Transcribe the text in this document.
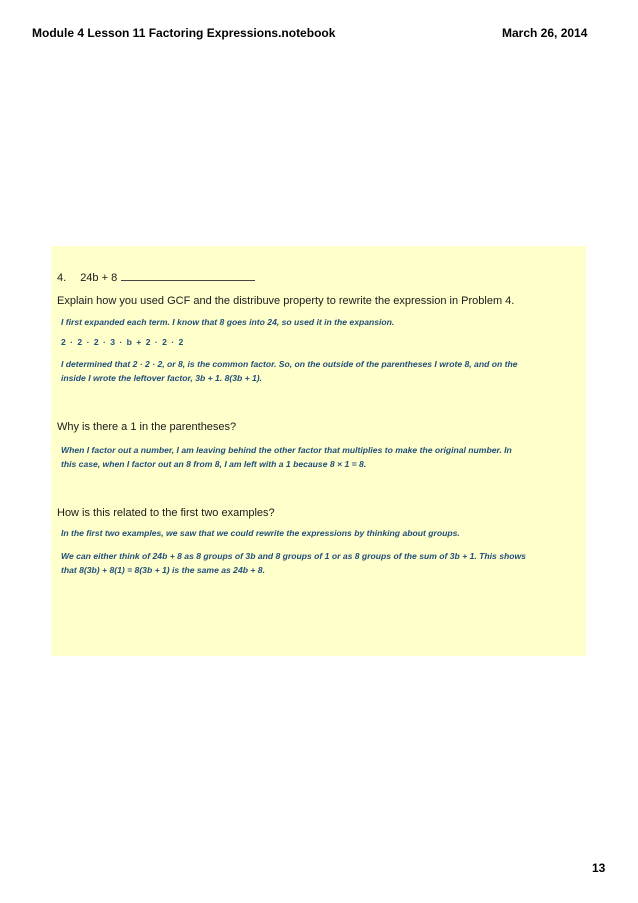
Module 4 Lesson 11 Factoring Expressions.notebook	March 26, 2014
4. 24b + 8
Explain how you used GCF and the distribuve property to rewrite the expression in Problem 4.
I first expanded each term. I know that 8 goes into 24, so used it in the expansion.
2 · 2 · 2 · 3 · b + 2 · 2 · 2
I determined that 2 · 2 · 2, or 8, is the common factor. So, on the outside of the parentheses I wrote 8, and on the
inside I wrote the leftover factor, 3b + 1. 8(3b + 1).
Why is there a 1 in the parentheses?
When I factor out a number, I am leaving behind the other factor that multiplies to make the original number. In
this case, when I factor out an 8 from 8, I am left with a 1 because 8 × 1 = 8.
How is this related to the first two examples?
In the first two examples, we saw that we could rewrite the expressions by thinking about groups.
We can either think of 24b + 8 as 8 groups of 3b and 8 groups of 1 or as 8 groups of the sum of 3b + 1. This shows
that 8(3b) + 8(1) = 8(3b + 1) is the same as 24b + 8.
13
